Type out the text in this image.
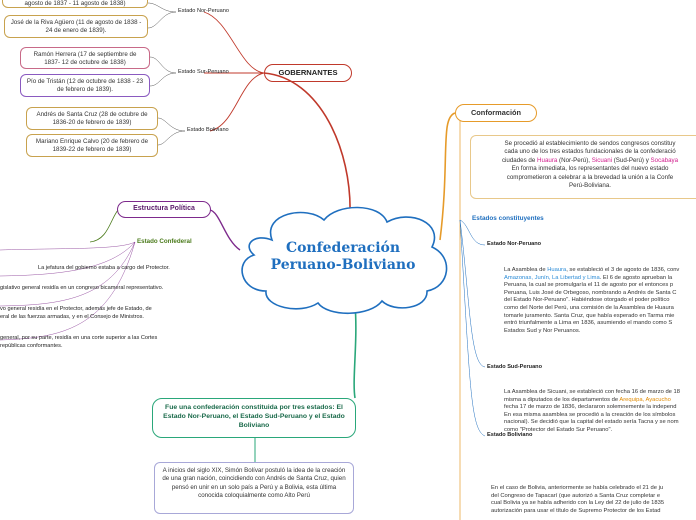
GOBERNANTES
Estado Nor-Peruano
Estado Sur-Peruano
Estado Boliviano
agosto de 1837 - 11 agosto de 1838)
José de la Riva Agüero (11 de agosto de 1838 - 24 de enero de 1839).
Ramón Herrera (17 de septiembre de 1837- 12 de octubre de 1838)
Pío de Tristán (12 de octubre de 1838 - 23 de febrero de 1839).
Andrés de Santa Cruz (28 de octubre de 1836-20 de febrero de 1839)
Mariano Enrique Calvo (20 de febrero de 1839-22 de febrero de 1839)
Estructura Política
Estado Confederal
La jefatura del gobierno estaba a cargo del Protector.
gislativo general residía en un congreso bicameral representativo.
vo general residía en el Protector, además jefe de Estado, de
eral de las fuerzas armadas, y en el Consejo de Ministros.
general, por su parte, residía en una corte superior a las Cortes
repúblicas conformantes.
Confederación
Peruano-Boliviano
Conformación
Se procedió al establecimiento de sendos congresos constituy
cada uno de los tres estados fundacionales de la confederació
ciudades de Huaura (Nor-Perú), Sicuani (Sud-Perú) y Socabaya
En forma inmediata, los representantes del nuevo estado
comprometieron a celebrar a la brevedad la unión a la Confe
Perú-Boliviana.
Estados constituyentes
Estado Nor-Peruano
La Asamblea de Huaura, se estableció el 3 de agosto de 1836, conv
Amazonas, Junín, La Libertad y Lima. El 6 de agosto aprueban la
Peruana, la cual se promulgaría el 11 de agosto por el entonces p
Peruana, Luis José de Orbegoso, nombrando a Andrés de Santa C
del Estado Nor-Peruano". Habiéndose otorgado el poder político
como del Norte del Perú, una comisión de la Asamblea de Huaura
tomarle juramento. Santa Cruz, que había esperado en Tarma mie
entró triunfalmente a Lima en 1836, asumiendo el mando como S
Estados Sud y Nor Peruanos.
Estado Sud-Peruano
La Asamblea de Sicuani, se estableció con fecha 16 de marzo de 18
misma a diputados de los departamentos de Arequipa, Ayacucho
fecha 17 de marzo de 1836, declararon solemnemente la independ
En esa misma asamblea se procedió a la creación de los símbolos
nacional). Se decidió que la capital del estado sería Tacna y se nom
como "Protector del Estado Sur Peruano".
Estado Boliviano
En el caso de Bolivia, anteriormente se había celebrado el 21 de ju
del Congreso de Tapacarí (que autorizó a Santa Cruz completar e
cual Bolivia ya se había adherido con la Ley del 22 de julio de 1835
autorización para usar el título de Supremo Protector de los Estad
Fue una confederación constituida por tres estados: El Estado Nor-Peruano, el Estado Sud-Peruano y el Estado Boliviano
A inicios del siglo XIX, Simón Bolívar postuló la idea de la creación de una gran nación, coincidiendo con Andrés de Santa Cruz, quien pensó en unir en un solo país a Perú y a Bolivia, esta última conocida coloquialmente como Alto Perú
